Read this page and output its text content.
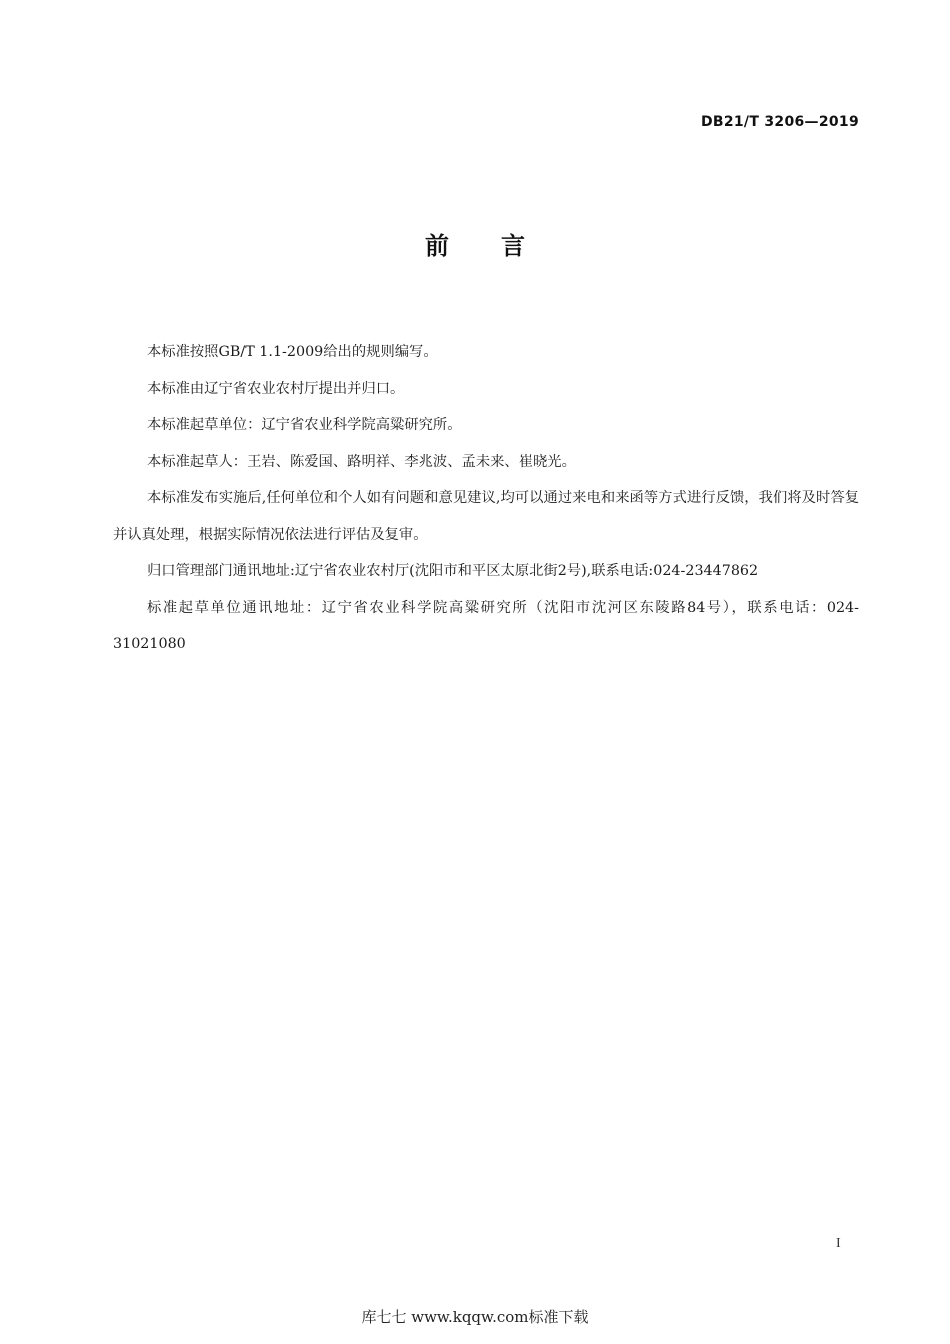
DB21/T 3206—2019
前言

本标准按照GB/T 1.1-2009给出的规则编写。

本标准由辽宁省农业农村厅提出并归口。

本标准起草单位：辽宁省农业科学院高粱研究所。

本标准起草人：王岩、陈爱国、路明祥、李兆波、孟未来、崔晓光。

本标准发布实施后,任何单位和个人如有问题和意见建议,均可以通过来电和来函等方式进行反馈，我们将及时答复并认真处理，根据实际情况依法进行评估及复审。

归口管理部门通讯地址:辽宁省农业农村厅(沈阳市和平区太原北街2号),联系电话:024-23447862

标准起草单位通讯地址：辽宁省农业科学院高粱研究所（沈阳市沈河区东陵路84号），联系电话：024-31021080

I
库七七 www.kqqw.com标准下载
